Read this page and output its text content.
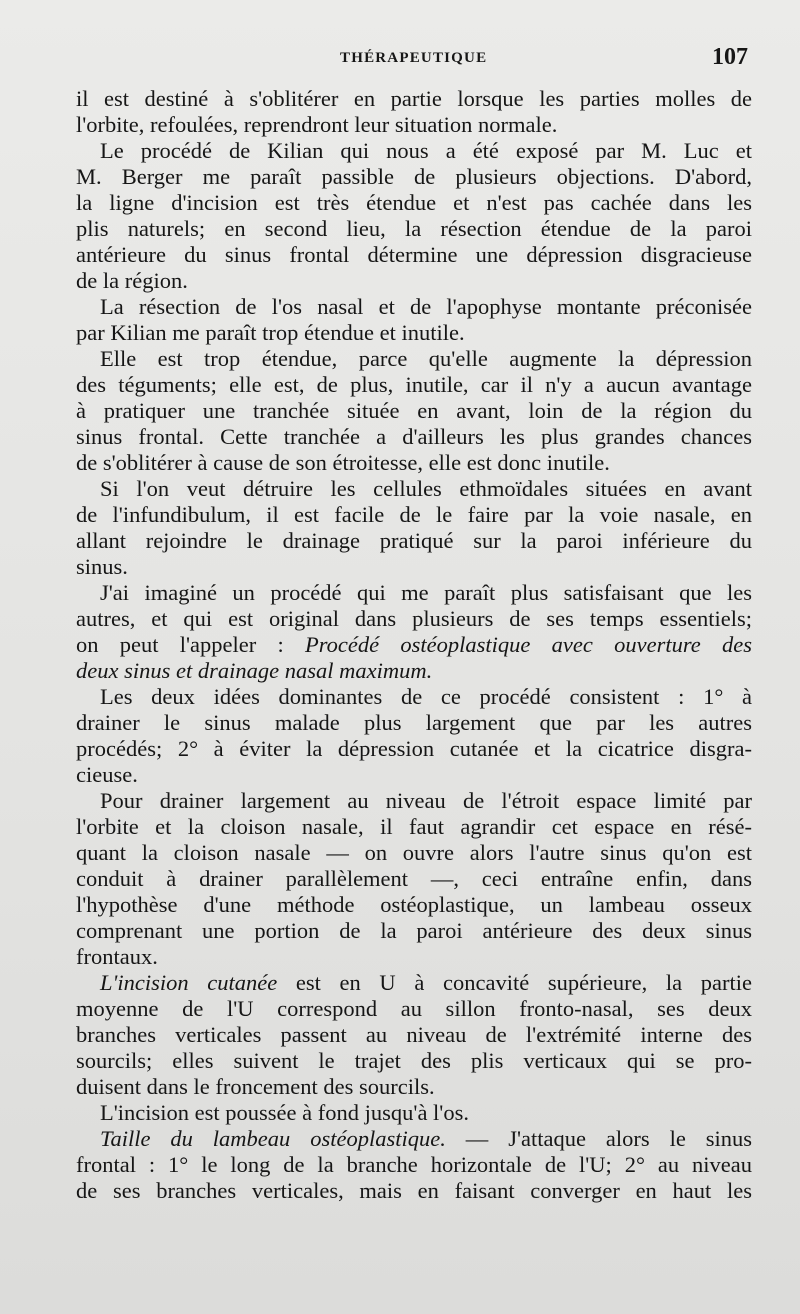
THÉRAPEUTIQUE	107
il est destiné à s'oblitérer en partie lorsque les parties molles de
l'orbite, refoulées, reprendront leur situation normale.
Le procédé de Kilian qui nous a été exposé par M. Luc et
M. Berger me paraît passible de plusieurs objections. D'abord,
la ligne d'incision est très étendue et n'est pas cachée dans les
plis naturels; en second lieu, la résection étendue de la paroi
antérieure du sinus frontal détermine une dépression disgracieuse
de la région.
La résection de l'os nasal et de l'apophyse montante préconisée
par Kilian me paraît trop étendue et inutile.
Elle est trop étendue, parce qu'elle augmente la dépression
des téguments; elle est, de plus, inutile, car il n'y a aucun avantage
à pratiquer une tranchée située en avant, loin de la région du
sinus frontal. Cette tranchée a d'ailleurs les plus grandes chances
de s'oblitérer à cause de son étroitesse, elle est donc inutile.
Si l'on veut détruire les cellules ethmoïdales situées en avant
de l'infundibulum, il est facile de le faire par la voie nasale, en
allant rejoindre le drainage pratiqué sur la paroi inférieure du
sinus.
J'ai imaginé un procédé qui me paraît plus satisfaisant que les
autres, et qui est original dans plusieurs de ses temps essentiels;
on peut l'appeler : Procédé ostéoplastique avec ouverture des
deux sinus et drainage nasal maximum.
Les deux idées dominantes de ce procédé consistent : 1° à
drainer le sinus malade plus largement que par les autres
procédés; 2° à éviter la dépression cutanée et la cicatrice disgra-
cieuse.
Pour drainer largement au niveau de l'étroit espace limité par
l'orbite et la cloison nasale, il faut agrandir cet espace en résé-
quant la cloison nasale — on ouvre alors l'autre sinus qu'on est
conduit à drainer parallèlement —, ceci entraîne enfin, dans
l'hypothèse d'une méthode ostéoplastique, un lambeau osseux
comprenant une portion de la paroi antérieure des deux sinus
frontaux.
L'incision cutanée est en U à concavité supérieure, la partie
moyenne de l'U correspond au sillon fronto-nasal, ses deux
branches verticales passent au niveau de l'extrémité interne des
sourcils; elles suivent le trajet des plis verticaux qui se pro-
duisent dans le froncement des sourcils.
L'incision est poussée à fond jusqu'à l'os.
Taille du lambeau ostéoplastique. — J'attaque alors le sinus
frontal : 1° le long de la branche horizontale de l'U; 2° au niveau
de ses branches verticales, mais en faisant converger en haut les
